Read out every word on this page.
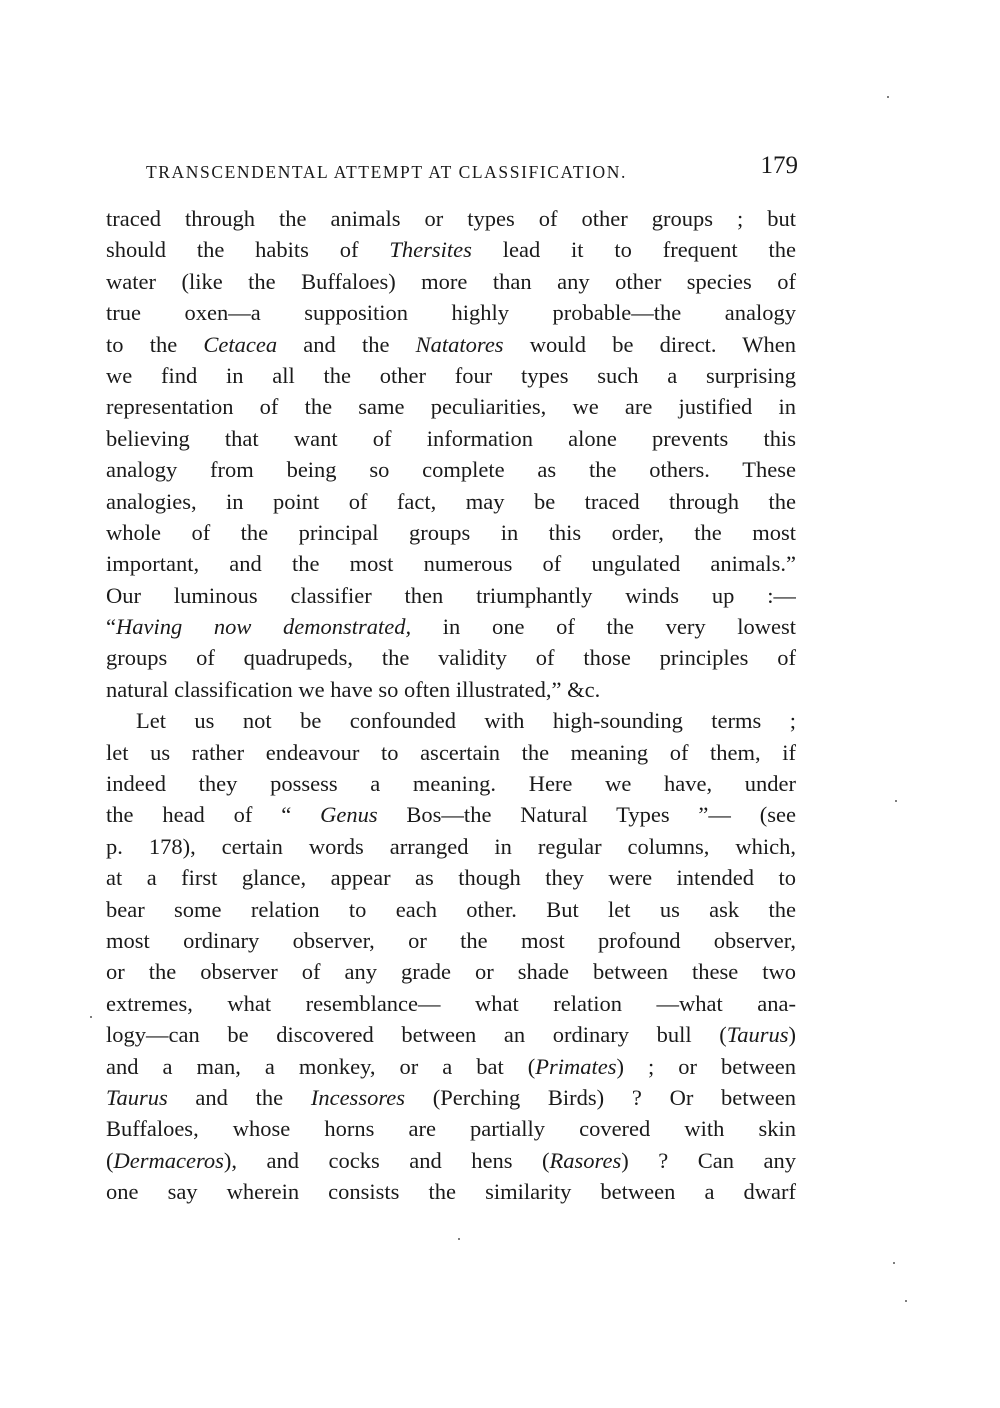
TRANSCENDENTAL ATTEMPT AT CLASSIFICATION.	179
traced through the animals or types of other groups ; but
should the habits of Thersites lead it to frequent the
water (like the Buffaloes) more than any other species of
true oxen—a supposition highly probable—the analogy
to the Cetacea and the Natatores would be direct. When
we find in all the other four types such a surprising
representation of the same peculiarities, we are justified in
believing that want of information alone prevents this
analogy from being so complete as the others. These
analogies, in point of fact, may be traced through the
whole of the principal groups in this order, the most
important, and the most numerous of ungulated animals.”
Our luminous classifier then triumphantly winds up :—
“Having now demonstrated, in one of the very lowest
groups of quadrupeds, the validity of those principles of
natural classification we have so often illustrated,” &c.
Let us not be confounded with high-sounding terms ;
let us rather endeavour to ascertain the meaning of them, if
indeed they possess a meaning. Here we have, under
the head of “ Genus Bos—the Natural Types ”— (see
p. 178), certain words arranged in regular columns, which,
at a first glance, appear as though they were intended to
bear some relation to each other. But let us ask the
most ordinary observer, or the most profound observer,
or the observer of any grade or shade between these two
extremes, what resemblance— what relation —what ana-
logy—can be discovered between an ordinary bull (Taurus)
and a man, a monkey, or a bat (Primates) ; or between
Taurus and the Incessores (Perching Birds) ? Or between
Buffaloes, whose horns are partially covered with skin
(Dermaceros), and cocks and hens (Rasores) ? Can any
one say wherein consists the similarity between a dwarf
